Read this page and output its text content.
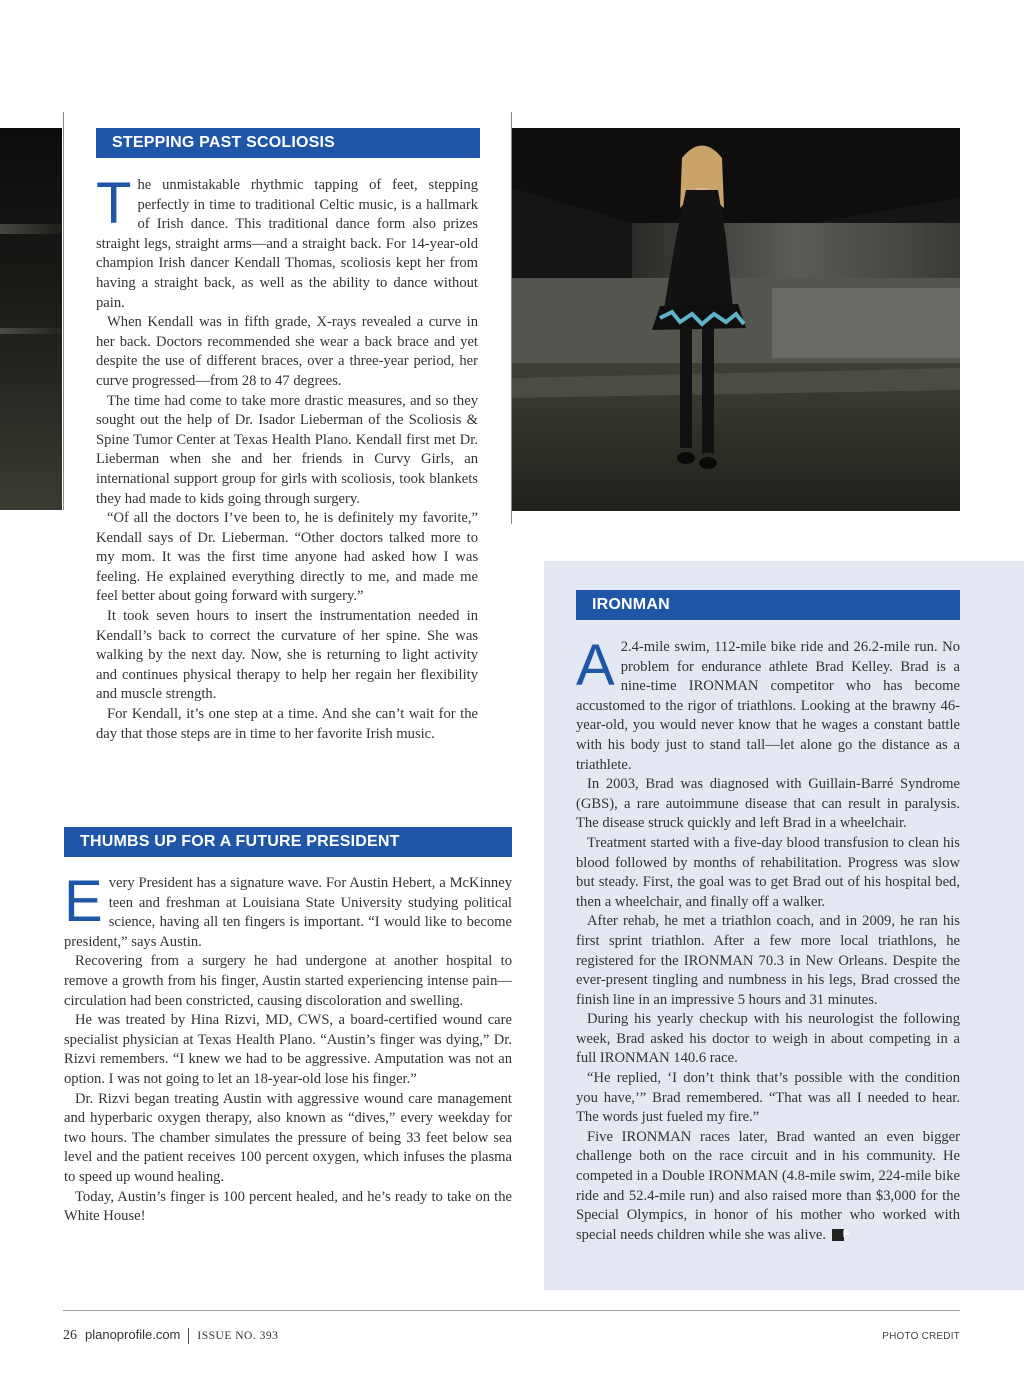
STEPPING PAST SCOLIOSIS

The unmistakable rhythmic tapping of feet, stepping perfectly in time to traditional Celtic music, is a hallmark of Irish dance. This traditional dance form also prizes straight legs, straight arms—and a straight back. For 14-year-old champion Irish dancer Kendall Thomas, scoliosis kept her from having a straight back, as well as the ability to dance without pain.

When Kendall was in fifth grade, X-rays revealed a curve in her back. Doctors recommended she wear a back brace and yet despite the use of different braces, over a three-year period, her curve progressed—from 28 to 47 degrees.

The time had come to take more drastic measures, and so they sought out the help of Dr. Isador Lieberman of the Scoliosis & Spine Tumor Center at Texas Health Plano. Kendall first met Dr. Lieberman when she and her friends in Curvy Girls, an international support group for girls with scoliosis, took blankets they had made to kids going through surgery.

“Of all the doctors I’ve been to, he is definitely my favorite,” Kendall says of Dr. Lieberman. “Other doctors talked more to my mom. It was the first time anyone had asked how I was feeling. He explained everything directly to me, and made me feel better about going forward with surgery.”

It took seven hours to insert the instrumentation needed in Kendall’s back to correct the curvature of her spine. She was walking by the next day. Now, she is returning to light activity and continues physical therapy to help her regain her flexibility and muscle strength.

For Kendall, it’s one step at a time. And she can’t wait for the day that those steps are in time to her favorite Irish music.

THUMBS UP FOR A FUTURE PRESIDENT

Every President has a signature wave. For Austin Hebert, a McKinney teen and freshman at Louisiana State University studying political science, having all ten fingers is important. “I would like to become president,” says Austin.

Recovering from a surgery he had undergone at another hospital to remove a growth from his finger, Austin started experiencing intense pain—circulation had been constricted, causing discoloration and swelling.

He was treated by Hina Rizvi, MD, CWS, a board-certified wound care specialist physician at Texas Health Plano. “Austin’s finger was dying,” Dr. Rizvi remembers. “I knew we had to be aggressive. Amputation was not an option. I was not going to let an 18-year-old lose his finger.”

Dr. Rizvi began treating Austin with aggressive wound care management and hyperbaric oxygen therapy, also known as “dives,” every weekday for two hours. The chamber simulates the pressure of being 33 feet below sea level and the patient receives 100 percent oxygen, which infuses the plasma to speed up wound healing.

Today, Austin’s finger is 100 percent healed, and he’s ready to take on the White House!

IRONMAN

A 2.4-mile swim, 112-mile bike ride and 26.2-mile run. No problem for endurance athlete Brad Kelley. Brad is a nine-time IRONMAN competitor who has become accustomed to the rigor of triathlons. Looking at the brawny 46-year-old, you would never know that he wages a constant battle with his body just to stand tall—let alone go the distance as a triathlete.

In 2003, Brad was diagnosed with Guillain-Barré Syndrome (GBS), a rare autoimmune disease that can result in paralysis. The disease struck quickly and left Brad in a wheelchair.

Treatment started with a five-day blood transfusion to clean his blood followed by months of rehabilitation. Progress was slow but steady. First, the goal was to get Brad out of his hospital bed, then a wheelchair, and finally off a walker.

After rehab, he met a triathlon coach, and in 2009, he ran his first sprint triathlon. After a few more local triathlons, he registered for the IRONMAN 70.3 in New Orleans. Despite the ever-present tingling and numbness in his legs, Brad crossed the finish line in an impressive 5 hours and 31 minutes.

During his yearly checkup with his neurologist the following week, Brad asked his doctor to weigh in about competing in a full IRONMAN 140.6 race.

“He replied, ‘I don’t think that’s possible with the condition you have,’” Brad remembered. “That was all I needed to hear. The words just fueled my fire.”

Five IRONMAN races later, Brad wanted an even bigger challenge both on the race circuit and in his community. He competed in a Double IRONMAN (4.8-mile swim, 224-mile bike ride and 52.4-mile run) and also raised more than $3,000 for the Special Olympics, in honor of his mother who worked with special needs children while she was alive. P

26 planoprofile.com ISSUE NO. 393	PHOTO CREDIT
